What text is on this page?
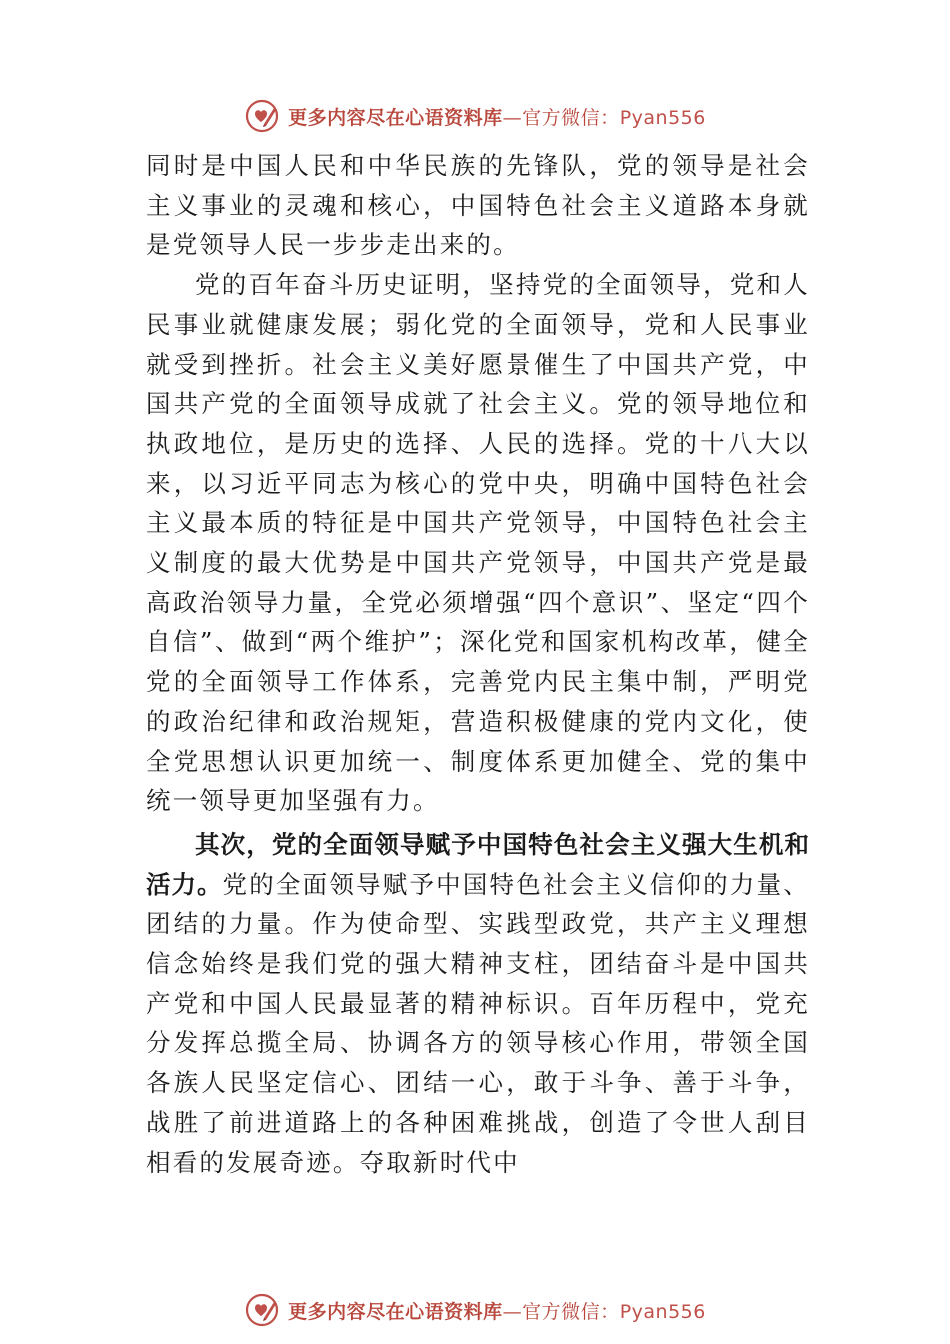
更多内容尽在心语资料库—官方微信：Pyan556

同时是中国人民和中华民族的先锋队，党的领导是社会主义事业的灵魂和核心，中国特色社会主义道路本身就是党领导人民一步步走出来的。

党的百年奋斗历史证明，坚持党的全面领导，党和人民事业就健康发展；弱化党的全面领导，党和人民事业就受到挫折。社会主义美好愿景催生了中国共产党，中国共产党的全面领导成就了社会主义。党的领导地位和执政地位，是历史的选择、人民的选择。党的十八大以来，以习近平同志为核心的党中央，明确中国特色社会主义最本质的特征是中国共产党领导，中国特色社会主义制度的最大优势是中国共产党领导，中国共产党是最高政治领导力量，全党必须增强“四个意识”、坚定“四个自信”、做到“两个维护”；深化党和国家机构改革，健全党的全面领导工作体系，完善党内民主集中制，严明党的政治纪律和政治规矩，营造积极健康的党内文化，使全党思想认识更加统一、制度体系更加健全、党的集中统一领导更加坚强有力。

其次，党的全面领导赋予中国特色社会主义强大生机和活力。党的全面领导赋予中国特色社会主义信仰的力量、团结的力量。作为使命型、实践型政党，共产主义理想信念始终是我们党的强大精神支柱，团结奋斗是中国共产党和中国人民最显著的精神标识。百年历程中，党充分发挥总揽全局、协调各方的领导核心作用，带领全国各族人民坚定信心、团结一心，敢于斗争、善于斗争，战胜了前进道路上的各种困难挑战，创造了令世人刮目相看的发展奇迹。夺取新时代中

更多内容尽在心语资料库—官方微信：Pyan556
